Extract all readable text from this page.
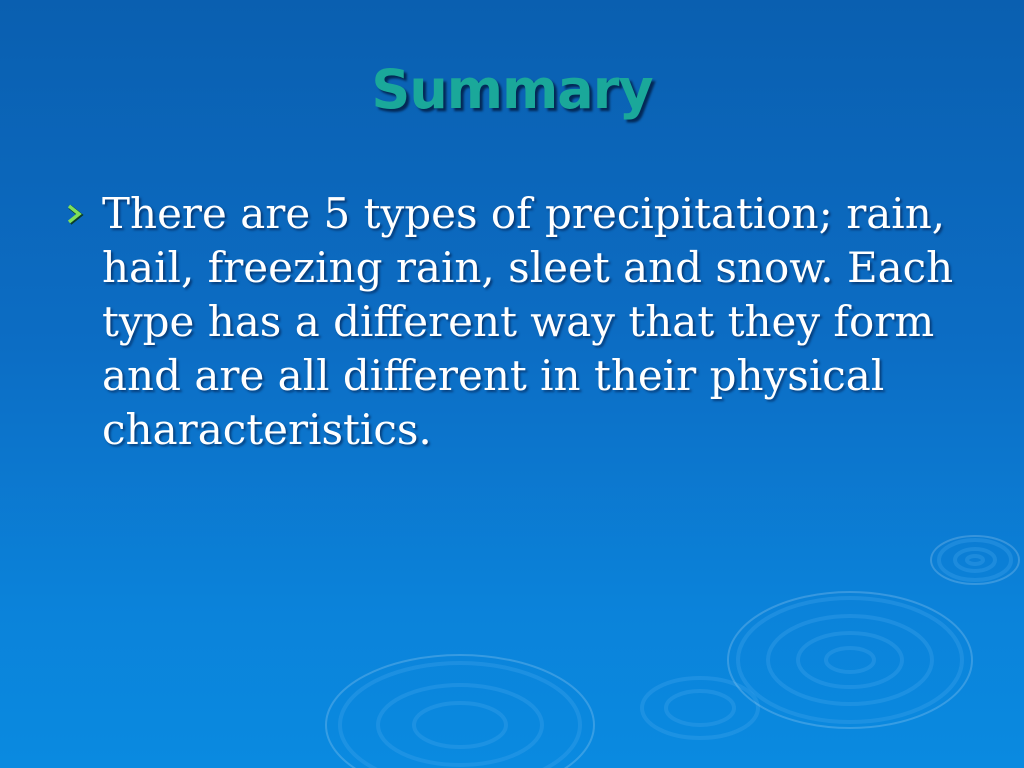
Summary
There are 5 types of precipitation; rain, hail, freezing rain, sleet and snow. Each type has a different way that they form and are all different in their physical characteristics.
